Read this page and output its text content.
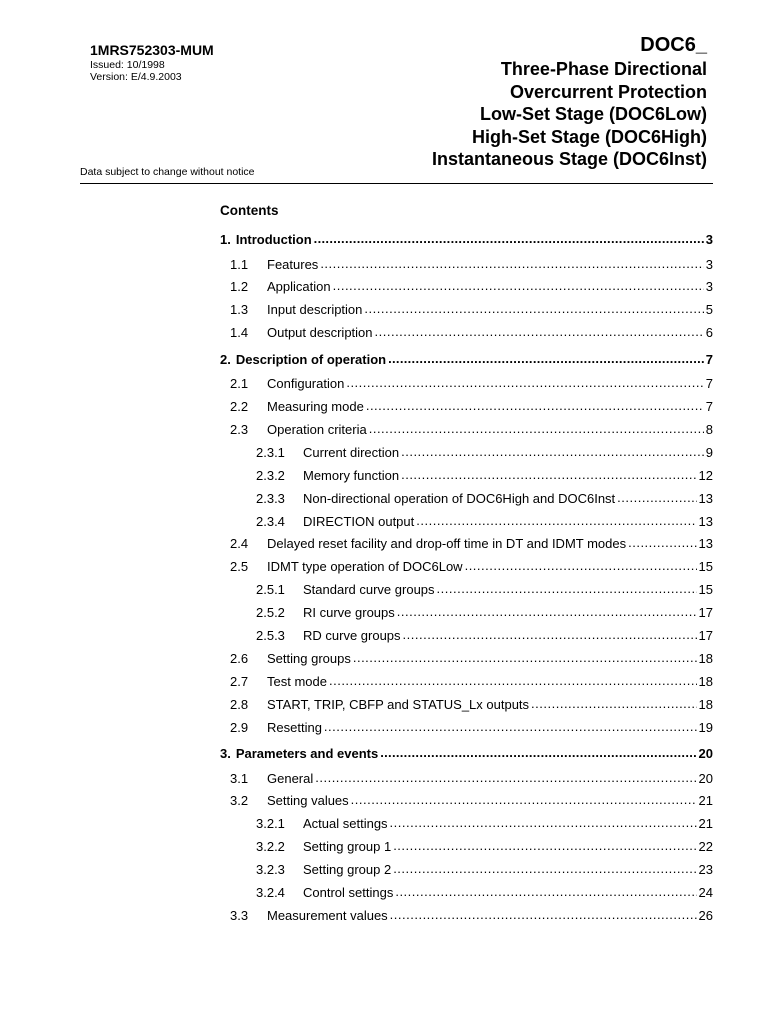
1MRS752303-MUM
Issued: 10/1998
Version: E/4.9.2003
DOC6_
Three-Phase Directional
Overcurrent Protection
Low-Set Stage (DOC6Low)
High-Set Stage (DOC6High)
Instantaneous Stage (DOC6Inst)
Data subject to change without notice
Contents
1. Introduction .....	3
1.1	Features .....	3
1.2	Application .....	3
1.3	Input description .....	5
1.4	Output description .....	6
2. Description of operation .....	7
2.1	Configuration .....	7
2.2	Measuring mode .....	7
2.3	Operation criteria .....	8
2.3.1	Current direction .....	9
2.3.2	Memory function .....	12
2.3.3	Non-directional operation of DOC6High and DOC6Inst .....	13
2.3.4	DIRECTION output .....	13
2.4	Delayed reset facility and drop-off time in DT and IDMT modes .....	13
2.5	IDMT type operation of DOC6Low .....	15
2.5.1	Standard curve groups .....	15
2.5.2	RI curve groups .....	17
2.5.3	RD curve groups .....	17
2.6	Setting groups .....	18
2.7	Test mode .....	18
2.8	START, TRIP, CBFP and STATUS_Lx outputs .....	18
2.9	Resetting .....	19
3. Parameters and events .....	20
3.1	General .....	20
3.2	Setting values .....	21
3.2.1	Actual settings .....	21
3.2.2	Setting group 1 .....	22
3.2.3	Setting group 2 .....	23
3.2.4	Control settings .....	24
3.3	Measurement values .....	26
